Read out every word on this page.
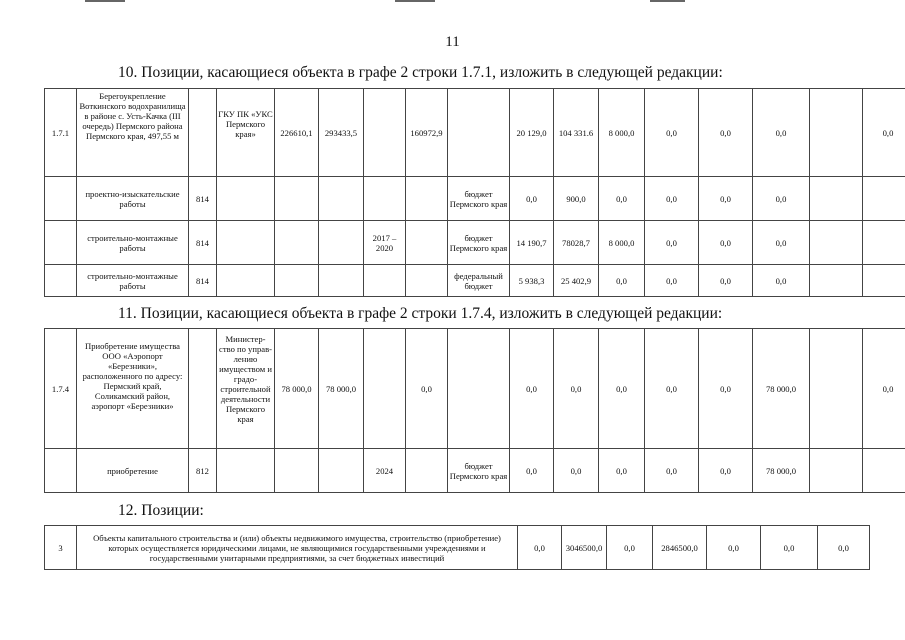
11
10. Позиции, касающиеся объекта в графе 2 строки 1.7.1, изложить в следующей редакции:
1.7.1	Берегоукрепление Воткинского водохранилища в районе с. Усть-Качка (III очередь) Пермского района Пермского края, 497,55 м		ГКУ ПК «УКС Пермского края»	226610,1	293433,5		160972,9		20 129,0	104 331.6	8 000,0	0,0	0,0	0,0		0,0
	проектно-изыскательские работы	814						бюджет Пермского края	0,0	900,0	0,0	0,0	0,0	0,0		
	строительно-монтажные работы	814				2017 – 2020		бюджет Пермского края	14 190,7	78028,7	8 000,0	0,0	0,0	0,0		
	строительно-монтажные работы	814						федеральный бюджет	5 938,3	25 402,9	0,0	0,0	0,0	0,0		
11. Позиции, касающиеся объекта в графе 2 строки 1.7.4, изложить в следующей редакции:
1.7.4	Приобретение имущества ООО «Аэропорт «Березники», расположенного по адресу: Пермский край, Соликамский район, аэропорт «Березники»		Министер-ство по управ-лению имуществом и градо-строительной деятельности Пермского края	78 000,0	78 000,0		0,0		0,0	0,0	0,0	0,0	0,0	78 000,0		0,0
	приобретение	812				2024		бюджет Пермского края	0,0	0,0	0,0	0,0	0,0	78 000,0		
12. Позиции:
3	Объекты капитального строительства и (или) объекты недвижимого имущества, строительство (приобретение) которых осуществляется юридическими лицами, не являющимися государственными учреждениями и государственными унитарными предприятиями, за счет бюджетных инвестиций	0,0	3046500,0	0,0	2846500,0	0,0	0,0	0,0
